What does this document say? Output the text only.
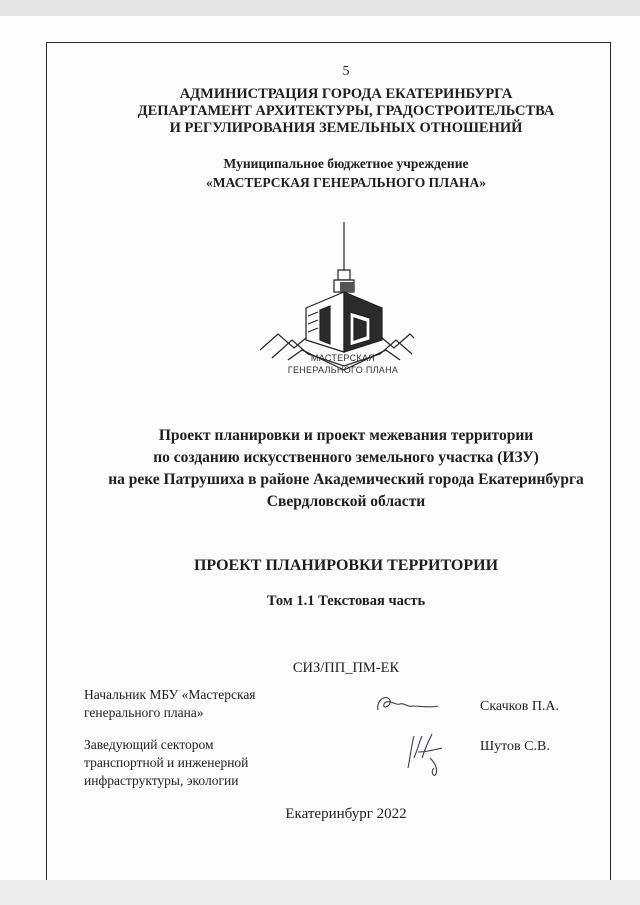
5
АДМИНИСТРАЦИЯ ГОРОДА ЕКАТЕРИНБУРГА
ДЕПАРТАМЕНТ АРХИТЕКТУРЫ, ГРАДОСТРОИТЕЛЬСТВА
И РЕГУЛИРОВАНИЯ ЗЕМЕЛЬНЫХ ОТНОШЕНИЙ
Муниципальное бюджетное учреждение
«МАСТЕРСКАЯ ГЕНЕРАЛЬНОГО ПЛАНА»
МАСТЕРСКАЯ
ГЕНЕРАЛЬНОГО ПЛАНА
Проект планировки и проект межевания территории
по созданию искусственного земельного участка (ИЗУ)
на реке Патрушиха в районе Академический города Екатеринбурга
Свердловской области
ПРОЕКТ ПЛАНИРОВКИ ТЕРРИТОРИИ
Том 1.1 Текстовая часть
СИЗ/ПП_ПМ-ЕК
Начальник МБУ «Мастерская
генерального плана»	Скачков П.А.
Заведующий сектором
транспортной и инженерной
инфраструктуры, экологии
Шутов С.В.
Екатеринбург 2022
